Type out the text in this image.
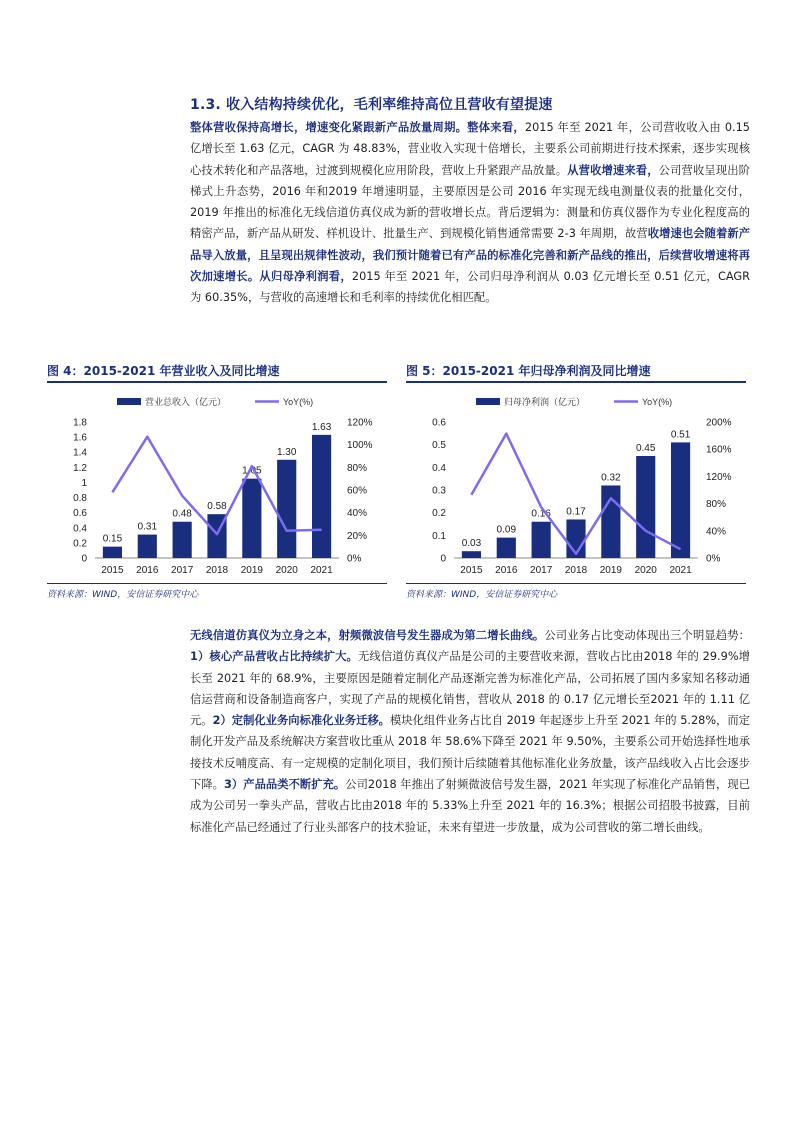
1.3. 收入结构持续优化，毛利率维持高位且营收有望提速
整体营收保持高增长，增速变化紧跟新产品放量周期。整体来看，2015 年至 2021 年，公司营收收入由 0.15 亿增长至 1.63 亿元，CAGR 为 48.83%，营业收入实现十倍增长，主要系公司前期进行技术探索，逐步实现核心技术转化和产品落地，过渡到规模化应用阶段，营收上升紧跟产品放量。从营收增速来看，公司营收呈现出阶梯式上升态势，2016 年和2019 年增速明显，主要原因是公司 2016 年实现无线电测量仪表的批量化交付，2019 年推出的标准化无线信道仿真仪成为新的营收增长点。背后逻辑为：测量和仿真仪器作为专业化程度高的精密产品，新产品从研发、样机设计、批量生产、到规模化销售通常需要 2-3 年周期，故营收增速也会随着新产品导入放量，且呈现出规律性波动，我们预计随着已有产品的标准化完善和新产品线的推出，后续营收增速将再次加速增长。从归母净利润看，2015 年至 2021 年，公司归母净利润从 0.03 亿元增长至 0.51 亿元，CAGR 为 60.35%，与营收的高速增长和毛利率的持续优化相匹配。
图 4：2015-2021 年营业收入及同比增速
营业总收入（亿元）	YoY(%)
0
0.2
0.4
0.6
0.8
1
1.2
1.4
1.6
1.8
0%
20%
40%
60%
80%
100%
120%
0.15
2015
0.31
2016
0.48
2017
0.58
2018
1.05
2019
1.30
2020
1.63
2021
资料来源：WIND，安信证券研究中心
图 5：2015-2021 年归母净利润及同比增速
归母净利润（亿元）	YoY(%)
0
0.1
0.2
0.3
0.4
0.5
0.6
0%
40%
80%
120%
160%
200%
0.03
2015
0.09
2016
0.16
2017
0.17
2018
0.32
2019
0.45
2020
0.51
2021
资料来源：WIND，安信证券研究中心
无线信道仿真仪为立身之本，射频微波信号发生器成为第二增长曲线。公司业务占比变动体现出三个明显趋势：1）核心产品营收占比持续扩大。无线信道仿真仪产品是公司的主要营收来源，营收占比由2018 年的 29.9%增长至 2021 年的 68.9%，主要原因是随着定制化产品逐渐完善为标准化产品，公司拓展了国内多家知名移动通信运营商和设备制造商客户，实现了产品的规模化销售，营收从 2018 的 0.17 亿元增长至2021 年的 1.11 亿元。2）定制化业务向标准化业务迁移。模块化组件业务占比自 2019 年起逐步上升至 2021 年的 5.28%，而定制化开发产品及系统解决方案营收比重从 2018 年 58.6%下降至 2021 年 9.50%，主要系公司开始选择性地承接技术反哺度高、有一定规模的定制化项目，我们预计后续随着其他标准化业务放量，该产品线收入占比会逐步下降。3）产品品类不断扩充。公司2018 年推出了射频微波信号发生器，2021 年实现了标准化产品销售，现已成为公司另一拳头产品，营收占比由2018 年的 5.33%上升至 2021 年的 16.3%；根据公司招股书披露，目前标准化产品已经通过了行业头部客户的技术验证，未来有望进一步放量，成为公司营收的第二增长曲线。
